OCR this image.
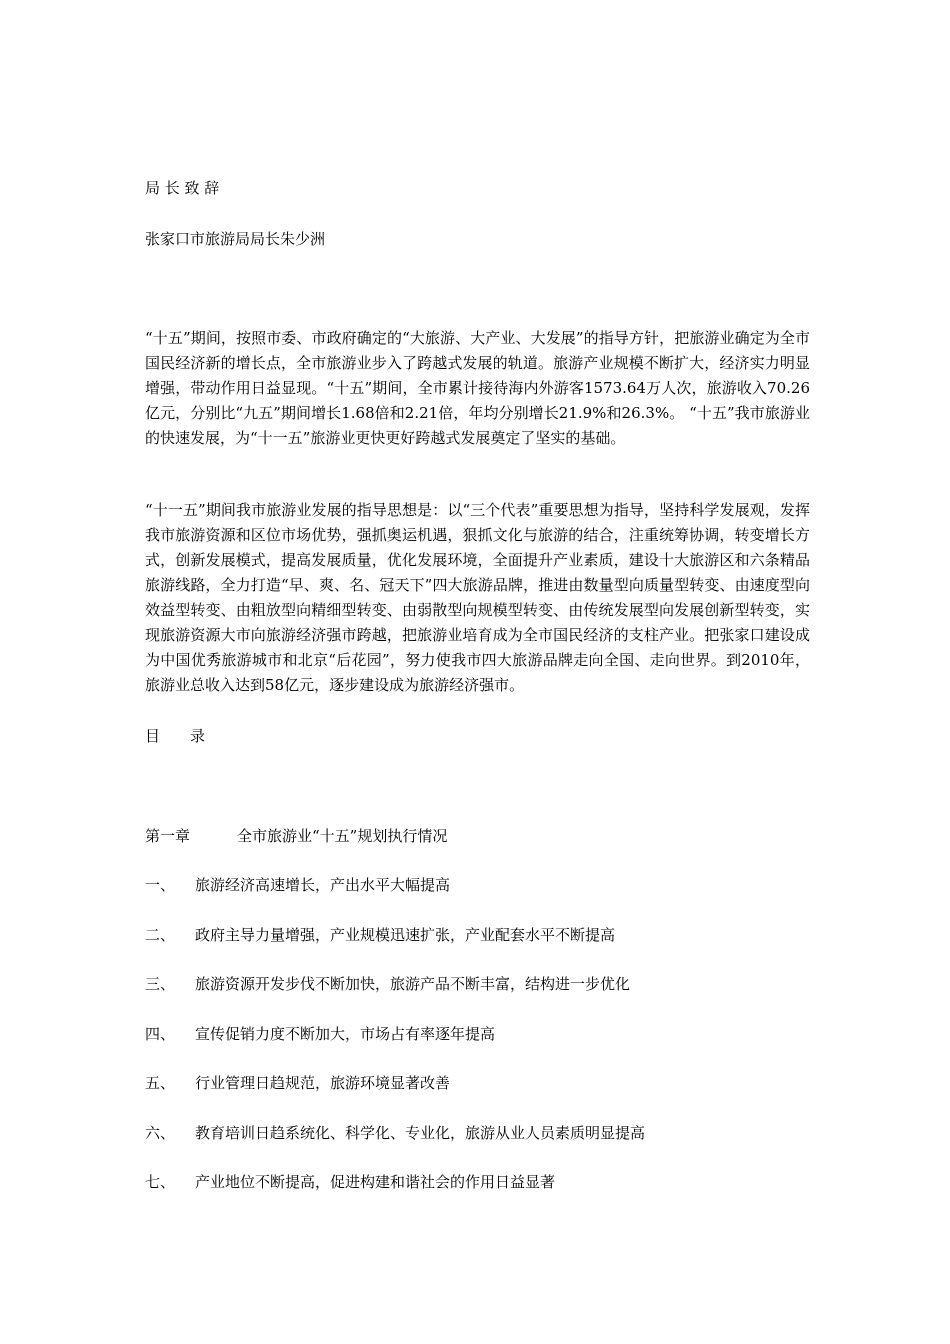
局 长 致 辞
张家口市旅游局局长朱少洲
“十五”期间，按照市委、市政府确定的“大旅游、大产业、大发展”的指导方针，把旅游业确定为全市国民经济新的增长点，全市旅游业步入了跨越式发展的轨道。旅游产业规模不断扩大，经济实力明显增强，带动作用日益显现。“十五”期间，全市累计接待海内外游客1573.64万人次，旅游收入70.26亿元，分别比“九五”期间增长1.68倍和2.21倍，年均分别增长21.9%和26.3%。 “十五”我市旅游业的快速发展，为“十一五”旅游业更快更好跨越式发展奠定了坚实的基础。
“十一五”期间我市旅游业发展的指导思想是：以“三个代表”重要思想为指导，坚持科学发展观，发挥我市旅游资源和区位市场优势，强抓奥运机遇，狠抓文化与旅游的结合，注重统筹协调，转变增长方式，创新发展模式，提高发展质量，优化发展环境，全面提升产业素质，建设十大旅游区和六条精品旅游线路，全力打造“早、爽、名、冠天下”四大旅游品牌，推进由数量型向质量型转变、由速度型向效益型转变、由粗放型向精细型转变、由弱散型向规模型转变、由传统发展型向发展创新型转变，实现旅游资源大市向旅游经济强市跨越，把旅游业培育成为全市国民经济的支柱产业。把张家口建设成为中国优秀旅游城市和北京“后花园”，努力使我市四大旅游品牌走向全国、走向世界。到2010年，旅游业总收入达到58亿元，逐步建设成为旅游经济强市。
目　　录
第一章	全市旅游业“十五”规划执行情况
一、 旅游经济高速增长，产出水平大幅提高
二、 政府主导力量增强，产业规模迅速扩张，产业配套水平不断提高
三、 旅游资源开发步伐不断加快，旅游产品不断丰富，结构进一步优化
四、 宣传促销力度不断加大，市场占有率逐年提高
五、 行业管理日趋规范，旅游环境显著改善
六、 教育培训日趋系统化、科学化、专业化，旅游从业人员素质明显提高
七、 产业地位不断提高，促进构建和谐社会的作用日益显著
